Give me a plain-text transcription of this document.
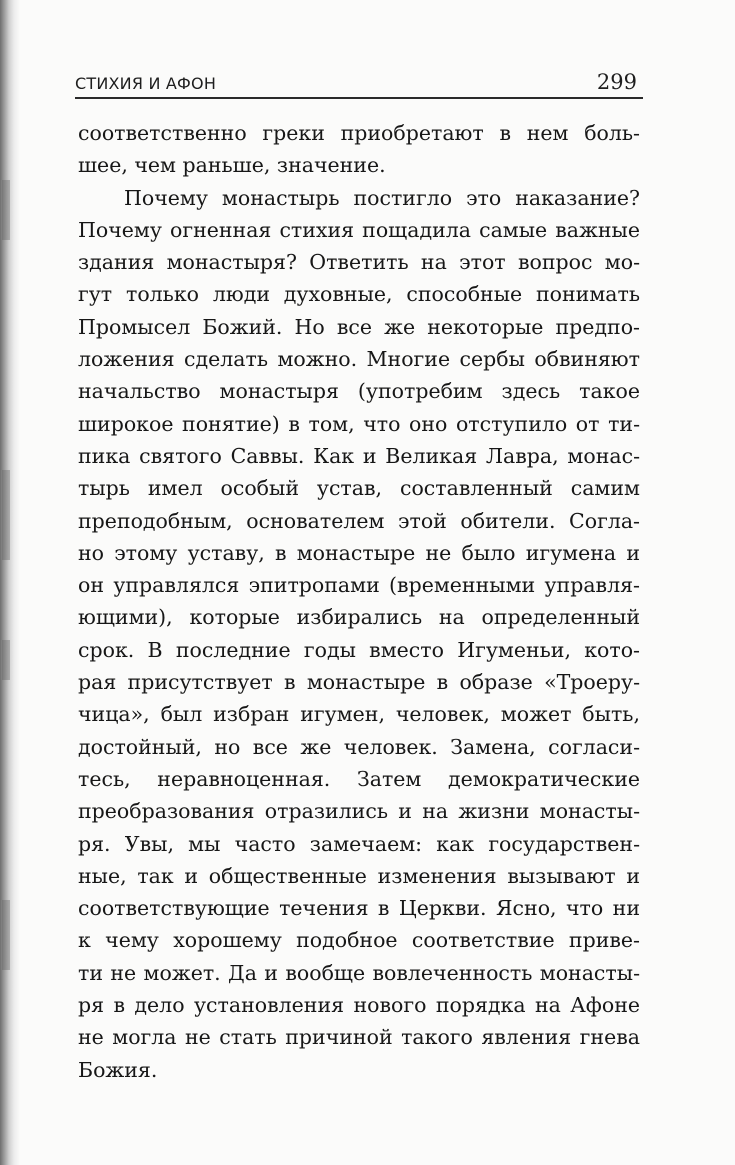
СТИХИЯ И АФОН	299
соответственно греки приобретают в нем боль-
шее, чем раньше, значение.
Почему монастырь постигло это наказание?
Почему огненная стихия пощадила самые важные
здания монастыря? Ответить на этот вопрос мо-
гут только люди духовные, способные понимать
Промысел Божий. Но все же некоторые предпо-
ложения сделать можно. Многие сербы обвиняют
начальство монастыря (употребим здесь такое
широкое понятие) в том, что оно отступило от ти-
пика святого Саввы. Как и Великая Лавра, монас-
тырь имел особый устав, составленный самим
преподобным, основателем этой обители. Согла-
но этому уставу, в монастыре не было игумена и
он управлялся эпитропами (временными управля-
ющими), которые избирались на определенный
срок. В последние годы вместо Игуменьи, кото-
рая присутствует в монастыре в образе «Троеру-
чица», был избран игумен, человек, может быть,
достойный, но все же человек. Замена, согласи-
тесь, неравноценная. Затем демократические
преобразования отразились и на жизни монасты-
ря. Увы, мы часто замечаем: как государствен-
ные, так и общественные изменения вызывают и
соответствующие течения в Церкви. Ясно, что ни
к чему хорошему подобное соответствие приве-
ти не может. Да и вообще вовлеченность монасты-
ря в дело установления нового порядка на Афоне
не могла не стать причиной такого явления гнева
Божия.
